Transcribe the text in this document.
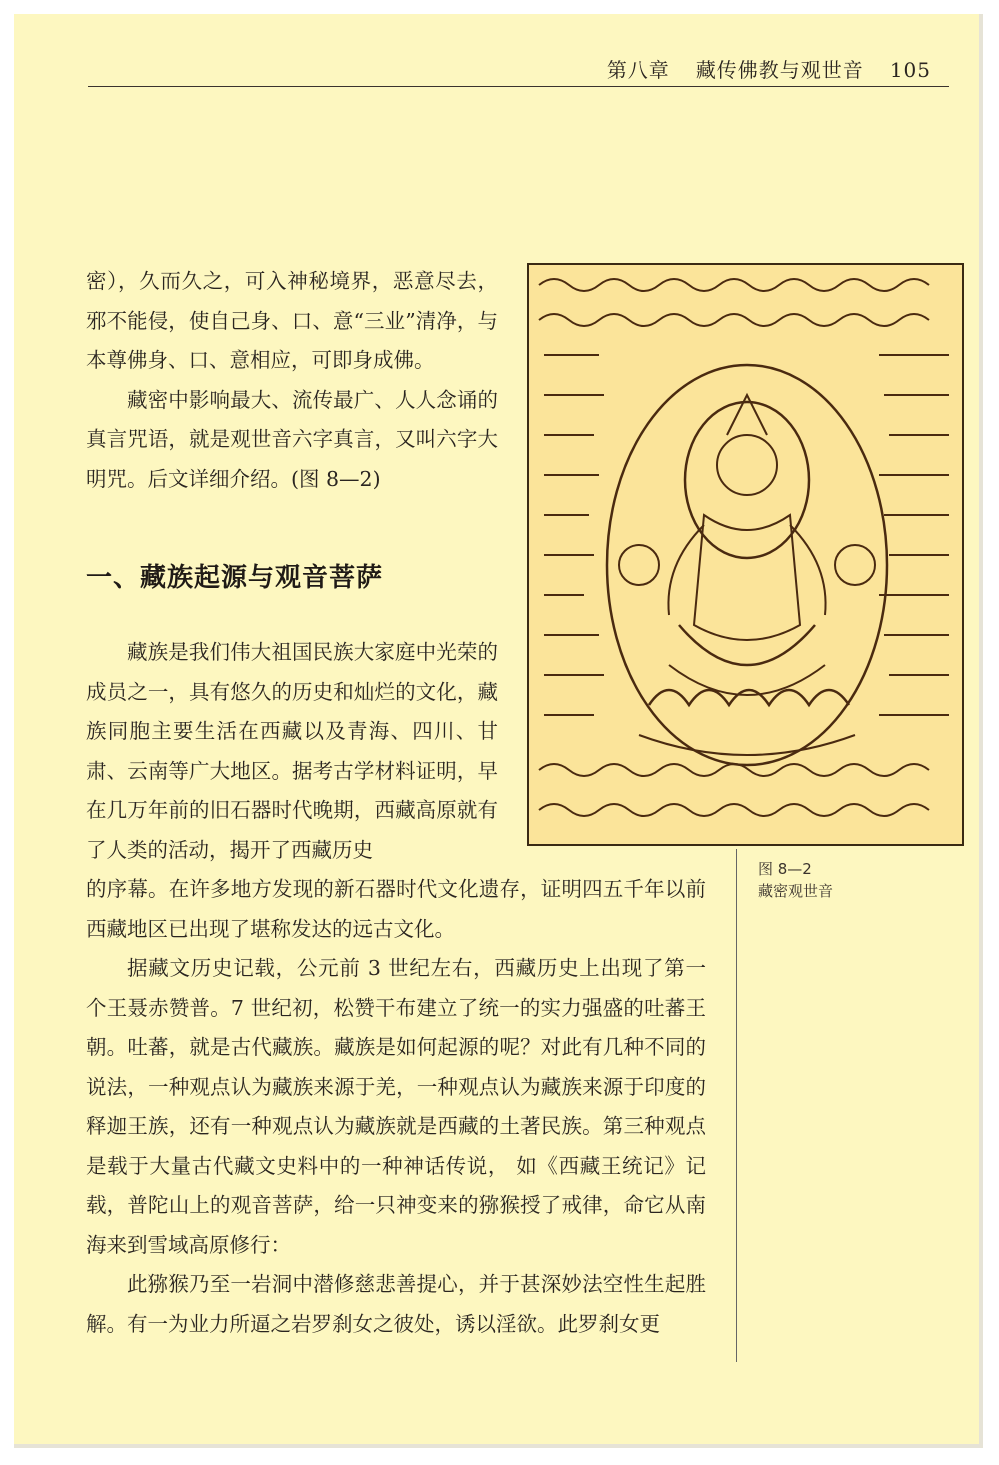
第八章 藏传佛教与观世音 105

密），久而久之，可入神秘境界，恶意尽去，邪不能侵，使自己身、口、意“三业”清净，与本尊佛身、口、意相应，可即身成佛。

藏密中影响最大、流传最广、人人念诵的真言咒语，就是观世音六字真言，又叫六字大明咒。后文详细介绍。(图 8—2)

一、藏族起源与观音菩萨

藏族是我们伟大祖国民族大家庭中光荣的成员之一，具有悠久的历史和灿烂的文化，藏族同胞主要生活在西藏以及青海、四川、甘肃、云南等广大地区。据考古学材料证明，早在几万年前的旧石器时代晚期，西藏高原就有了人类的活动，揭开了西藏历史

的序幕。在许多地方发现的新石器时代文化遗存，证明四五千年以前西藏地区已出现了堪称发达的远古文化。

据藏文历史记载，公元前 3 世纪左右，西藏历史上出现了第一个王聂赤赞普。7 世纪初，松赞干布建立了统一的实力强盛的吐蕃王朝。吐蕃，就是古代藏族。藏族是如何起源的呢？对此有几种不同的说法，一种观点认为藏族来源于羌，一种观点认为藏族来源于印度的释迦王族，还有一种观点认为藏族就是西藏的土著民族。第三种观点是载于大量古代藏文史料中的一种神话传说， 如《西藏王统记》记载，普陀山上的观音菩萨，给一只神变来的猕猴授了戒律，命它从南海来到雪域高原修行：

此猕猴乃至一岩洞中潜修慈悲善提心，并于甚深妙法空性生起胜解。有一为业力所逼之岩罗刹女之彼处，诱以淫欲。此罗刹女更

图 8—2
藏密观世音
